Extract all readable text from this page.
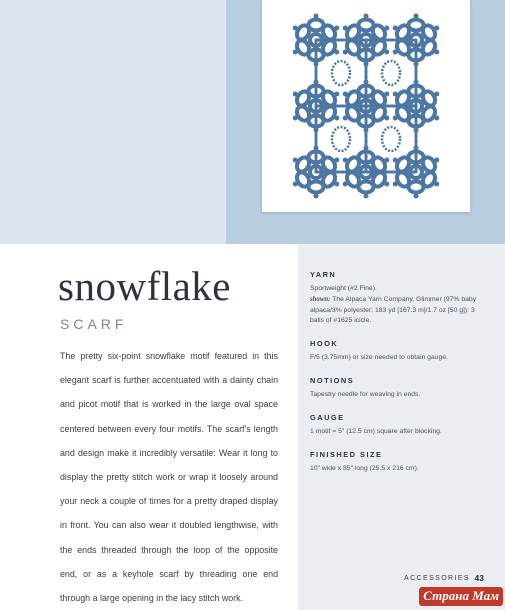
snowflake
SCARF

The pretty six-point snowflake motif featured in this elegant scarf is further accentuated with a dainty chain and picot motif that is worked in the large oval space centered between every four motifs. The scarf's length and design make it incredibly versatile: Wear it long to display the pretty stitch work or wrap it loosely around your neck a couple of times for a pretty draped display in front. You can also wear it doubled lengthwise, with the ends threaded through the loop of the opposite end, or as a keyhole scarf by threading one end through a large opening in the lacy stitch work.

YARN

Sportweight (#2 Fine).

shown: The Alpaca Yarn Company, Glimmer (97% baby alpaca/3% polyester; 183 yd [167.3 m]/1.7 oz [50 g]): 3 balls of #1625 icicle.

HOOK

F/5 (3.75mm) or size needed to obtain gauge.

NOTIONS

Tapestry needle for weaving in ends.

GAUGE

1 motif = 5" (12.5 cm) square after blocking.

FINISHED SIZE

10" wide x 85" long (25.5 x 216 cm).

ACCESSORIES 43
Страна Мам
